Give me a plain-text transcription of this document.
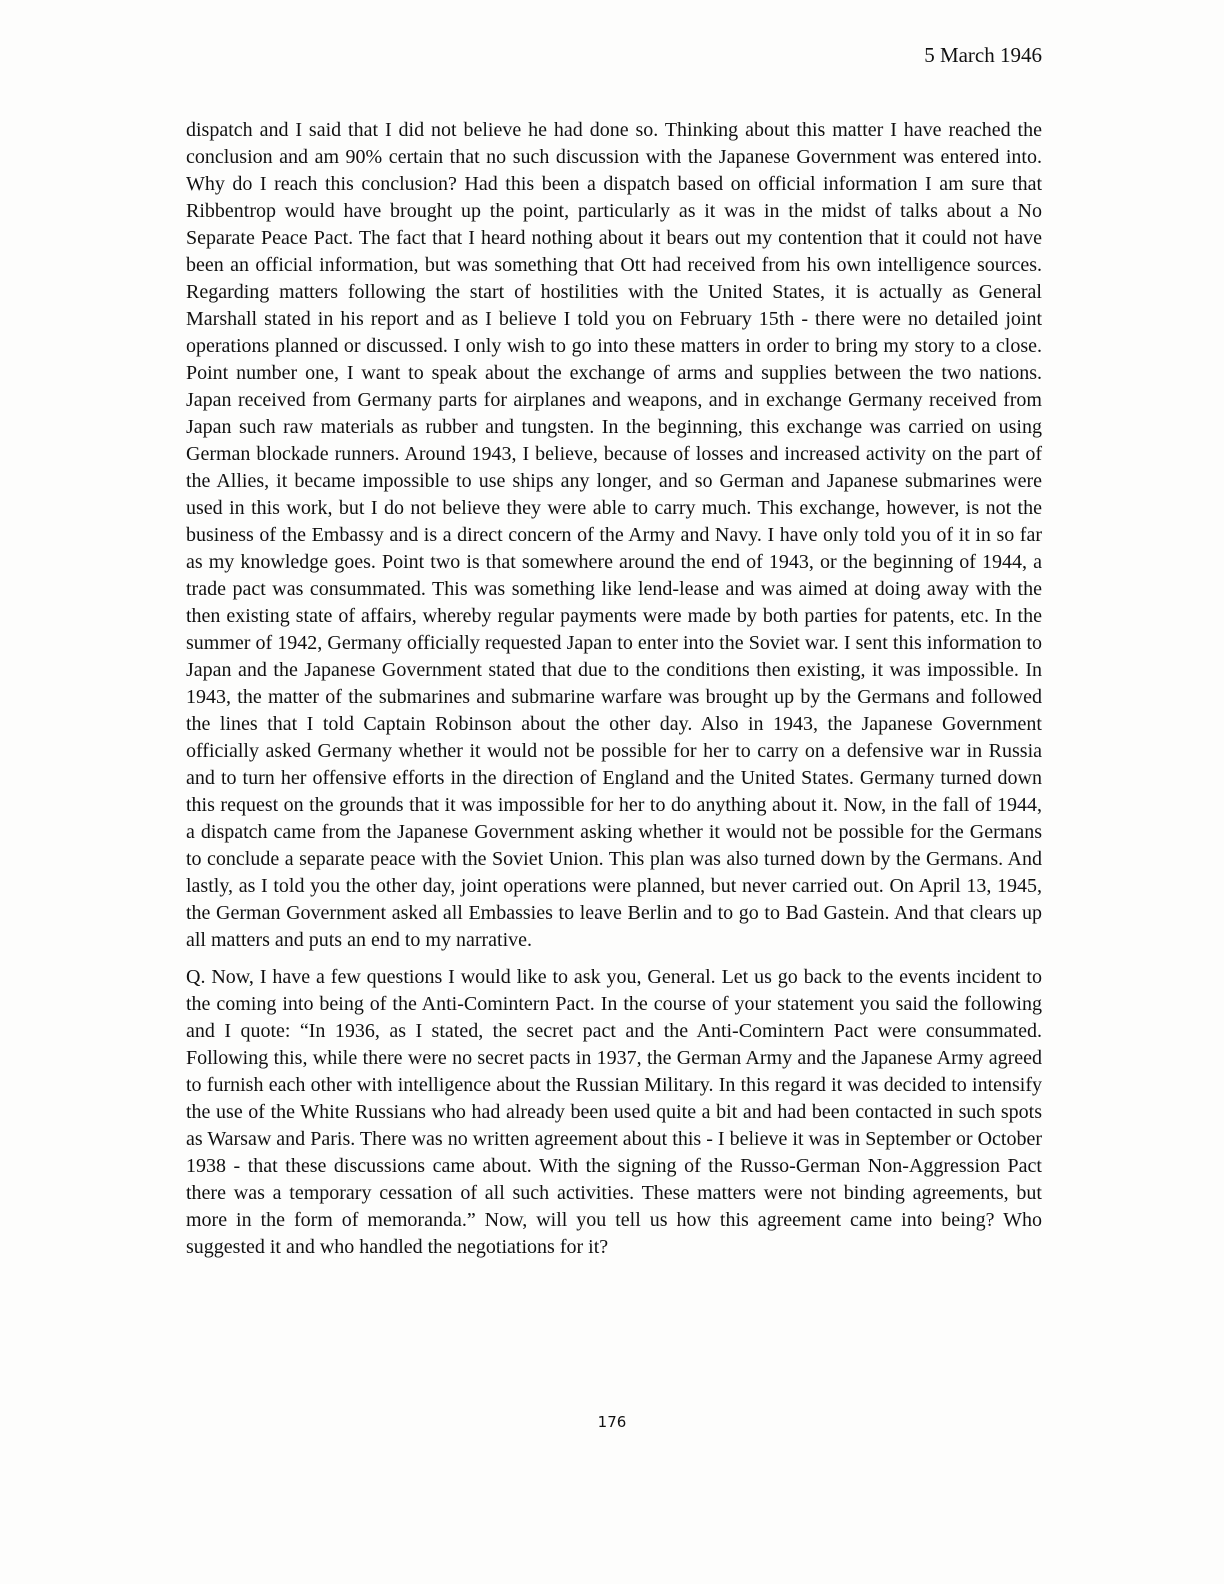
5 March 1946

dispatch and I said that I did not believe he had done so. Thinking about this matter I have reached the conclusion and am 90% certain that no such discussion with the Japanese Government was entered into. Why do I reach this conclusion? Had this been a dispatch based on official information I am sure that Ribbentrop would have brought up the point, particularly as it was in the midst of talks about a No Separate Peace Pact. The fact that I heard nothing about it bears out my contention that it could not have been an official information, but was something that Ott had received from his own intelligence sources. Regarding matters following the start of hostilities with the United States, it is actually as General Marshall stated in his report and as I believe I told you on February 15th - there were no detailed joint operations planned or discussed. I only wish to go into these matters in order to bring my story to a close. Point number one, I want to speak about the exchange of arms and supplies between the two nations. Japan received from Germany parts for airplanes and weapons, and in exchange Germany received from Japan such raw materials as rubber and tungsten. In the beginning, this exchange was carried on using German blockade runners. Around 1943, I believe, because of losses and increased activity on the part of the Allies, it became impossible to use ships any longer, and so German and Japanese submarines were used in this work, but I do not believe they were able to carry much. This exchange, however, is not the business of the Embassy and is a direct concern of the Army and Navy. I have only told you of it in so far as my knowledge goes. Point two is that somewhere around the end of 1943, or the beginning of 1944, a trade pact was consummated. This was something like lend-lease and was aimed at doing away with the then existing state of affairs, whereby regular payments were made by both parties for patents, etc. In the summer of 1942, Germany officially requested Japan to enter into the Soviet war. I sent this information to Japan and the Japanese Government stated that due to the conditions then existing, it was impossible. In 1943, the matter of the submarines and submarine warfare was brought up by the Germans and followed the lines that I told Captain Robinson about the other day. Also in 1943, the Japanese Government officially asked Germany whether it would not be possible for her to carry on a defensive war in Russia and to turn her offensive efforts in the direction of England and the United States. Germany turned down this request on the grounds that it was impossible for her to do anything about it. Now, in the fall of 1944, a dispatch came from the Japanese Government asking whether it would not be possible for the Germans to conclude a separate peace with the Soviet Union. This plan was also turned down by the Germans. And lastly, as I told you the other day, joint operations were planned, but never carried out. On April 13, 1945, the German Government asked all Embassies to leave Berlin and to go to Bad Gastein. And that clears up all matters and puts an end to my narrative.

Q. Now, I have a few questions I would like to ask you, General. Let us go back to the events incident to the coming into being of the Anti-Comintern Pact. In the course of your statement you said the following and I quote: “In 1936, as I stated, the secret pact and the Anti-Comintern Pact were consummated. Following this, while there were no secret pacts in 1937, the German Army and the Japanese Army agreed to furnish each other with intelligence about the Russian Military. In this regard it was decided to intensify the use of the White Russians who had already been used quite a bit and had been contacted in such spots as Warsaw and Paris. There was no written agreement about this - I believe it was in September or October 1938 - that these discussions came about. With the signing of the Russo-German Non-Aggression Pact there was a temporary cessation of all such activities. These matters were not binding agreements, but more in the form of memoranda.” Now, will you tell us how this agreement came into being? Who suggested it and who handled the negotiations for it?

176
